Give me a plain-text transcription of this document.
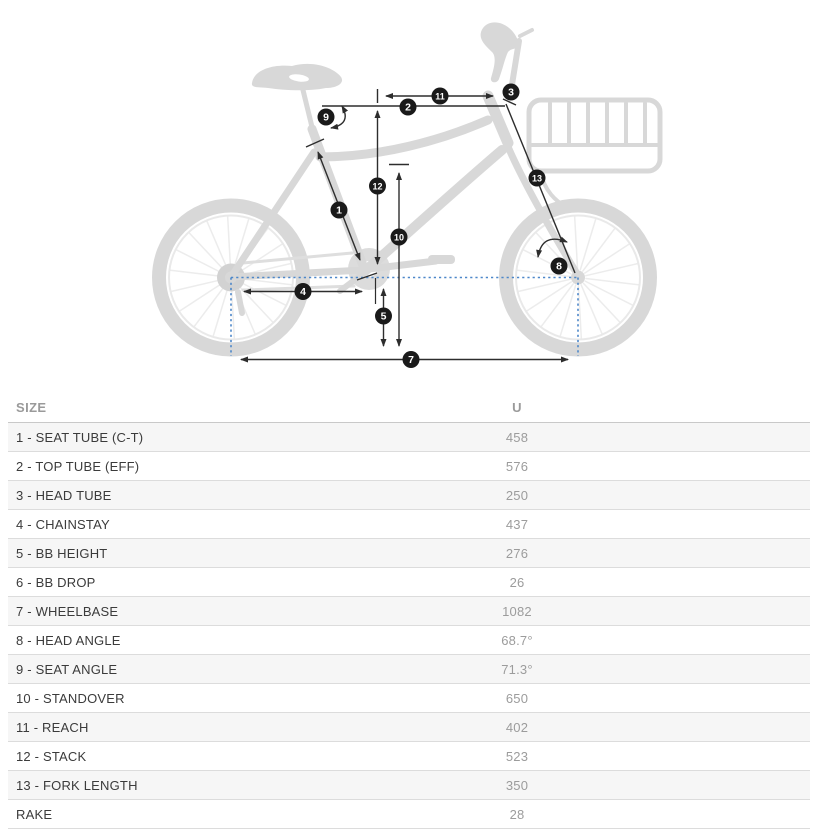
1
2
3
4
5
7
8
9
10
11
12
13
SIZE	U	
1 - SEAT TUBE (C-T)	458	
2 - TOP TUBE (EFF)	576	
3 - HEAD TUBE	250	
4 - CHAINSTAY	437	
5 - BB HEIGHT	276	
6 - BB DROP	26	
7 - WHEELBASE	1082	
8 - HEAD ANGLE	68.7°	
9 - SEAT ANGLE	71.3°	
10 - STANDOVER	650	
11 - REACH	402	
12 - STACK	523	
13 - FORK LENGTH	350	
RAKE	28	
